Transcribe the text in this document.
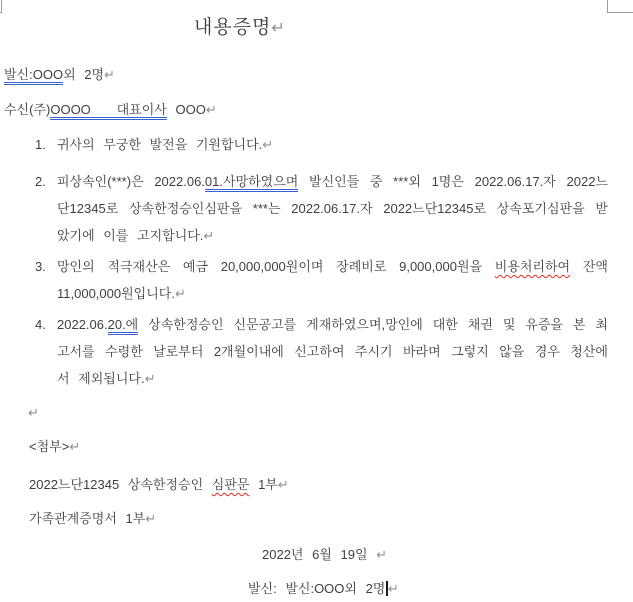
내용증명↵
발신:OOO외 2명↵
수신(주)OOOO   대표이사 OOO↵
1. 귀사의 무궁한 발전을 기원합니다.↵
2. 피상속인(***)은 2022.06.01.사망하였으며 발신인들 중 ***외 1명은 2022.06.17.자 2022느
단12345로 상속한정승인심판을 ***는 2022.06.17.자 2022느단12345로 상속포기심판을 받
았기에 이를 고지합니다.↵
3. 망인의 적극재산은 예금 20,000,000원이며 장례비로 9,000,000원을 비용처리하여 잔액
11,000,000원입니다.↵
4. 2022.06.20.에 상속한정승인 신문공고를 게재하였으며,망인에 대한 채권 및 유증을 본 최
고서를 수령한 날로부터 2개월이내에 신고하여 주시기 바라며 그렇지 않을 경우 청산에
서 제외됩니다.↵
↵
<첨부>↵
2022느단12345 상속한정승인 심판문 1부↵
가족관계증명서 1부↵
2022년 6월 19일 ↵
발신: 발신:OOO외 2명 ↵
